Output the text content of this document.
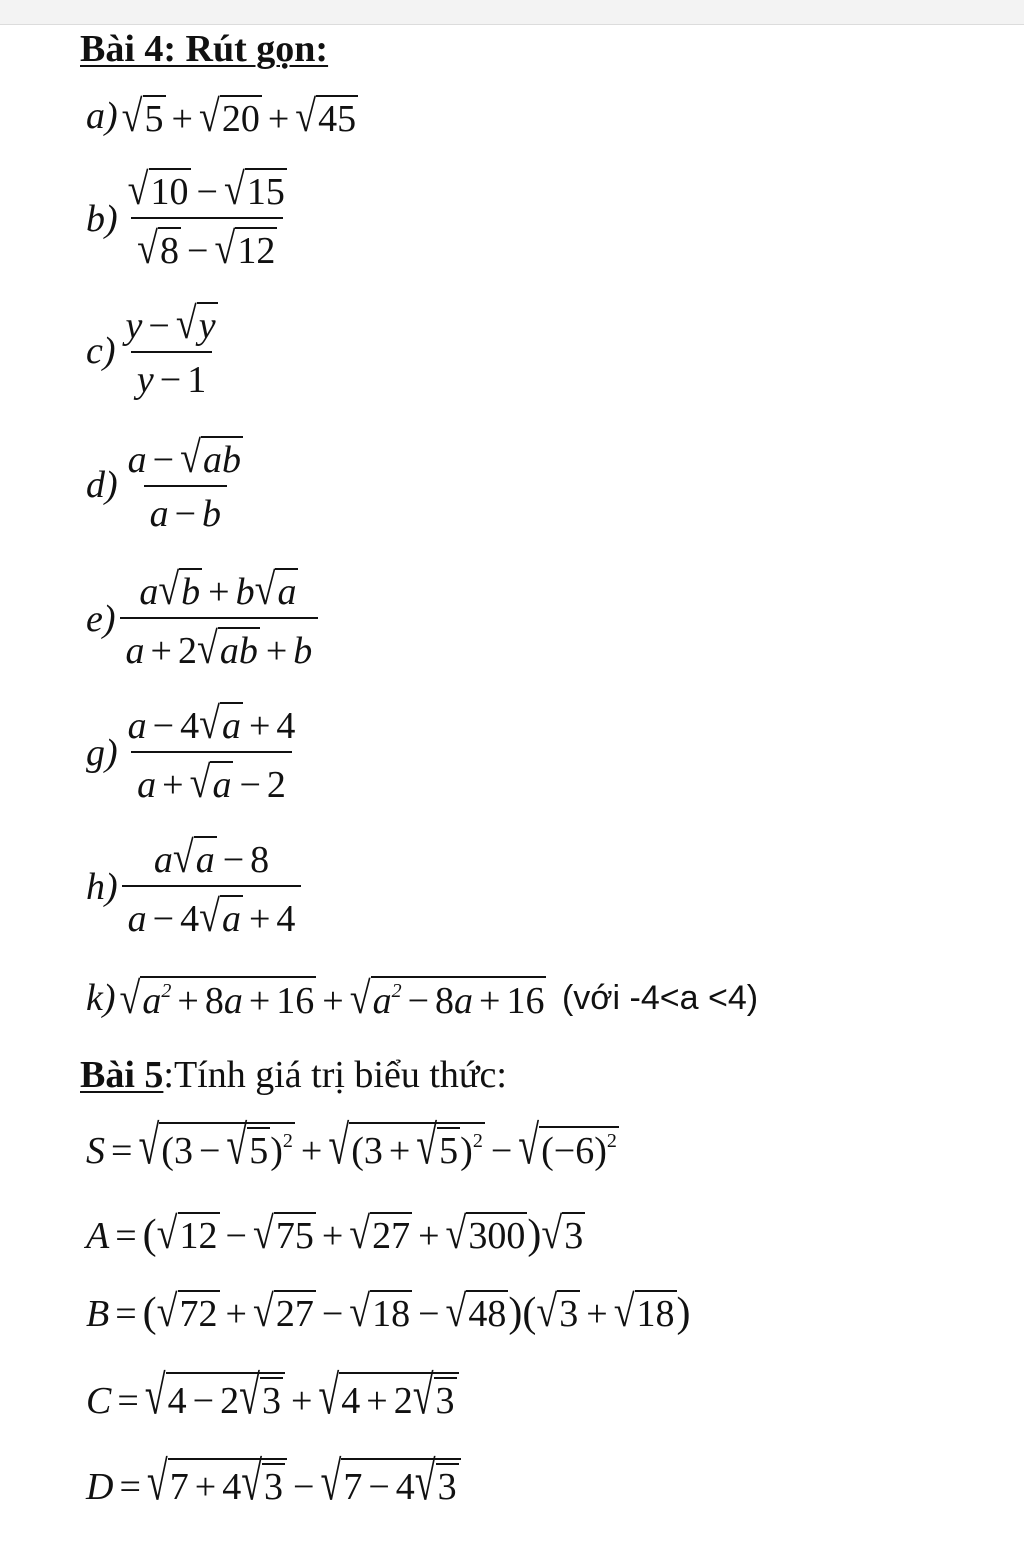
Bài 4: Rút gọn:
a) √5 + √20 + √45
$b) \frac{√10 - √15}{√8 - √12}$
$c) \frac{y - √y}{y - 1}$
$d) \frac{a - √ab}{a - b}$
$e) \frac{a√b + b√a}{a + 2√ab + b}$
$g) \frac{a - 4√a + 4}{a + √a - 2}$
$h) \frac{a√a - 8}{a - 4√a + 4}$
k) $√a^2 + 8a + 16 + √a^2 - 8a + 16$ (với -4<a <4)
Bài 5:Tính giá trị biểu thức:
$S = √(3 - √5)^2 + √(3 + √5)^2 - √(-6)^2$
A = (√12 − √75 + √27 + √300)√3
B = (√72 + √27 − √18 − √48)(√3 + √18)
C = √4 − 2√3 + √4 + 2√3
D = √7 + 4√3 − √7 − 4√3
